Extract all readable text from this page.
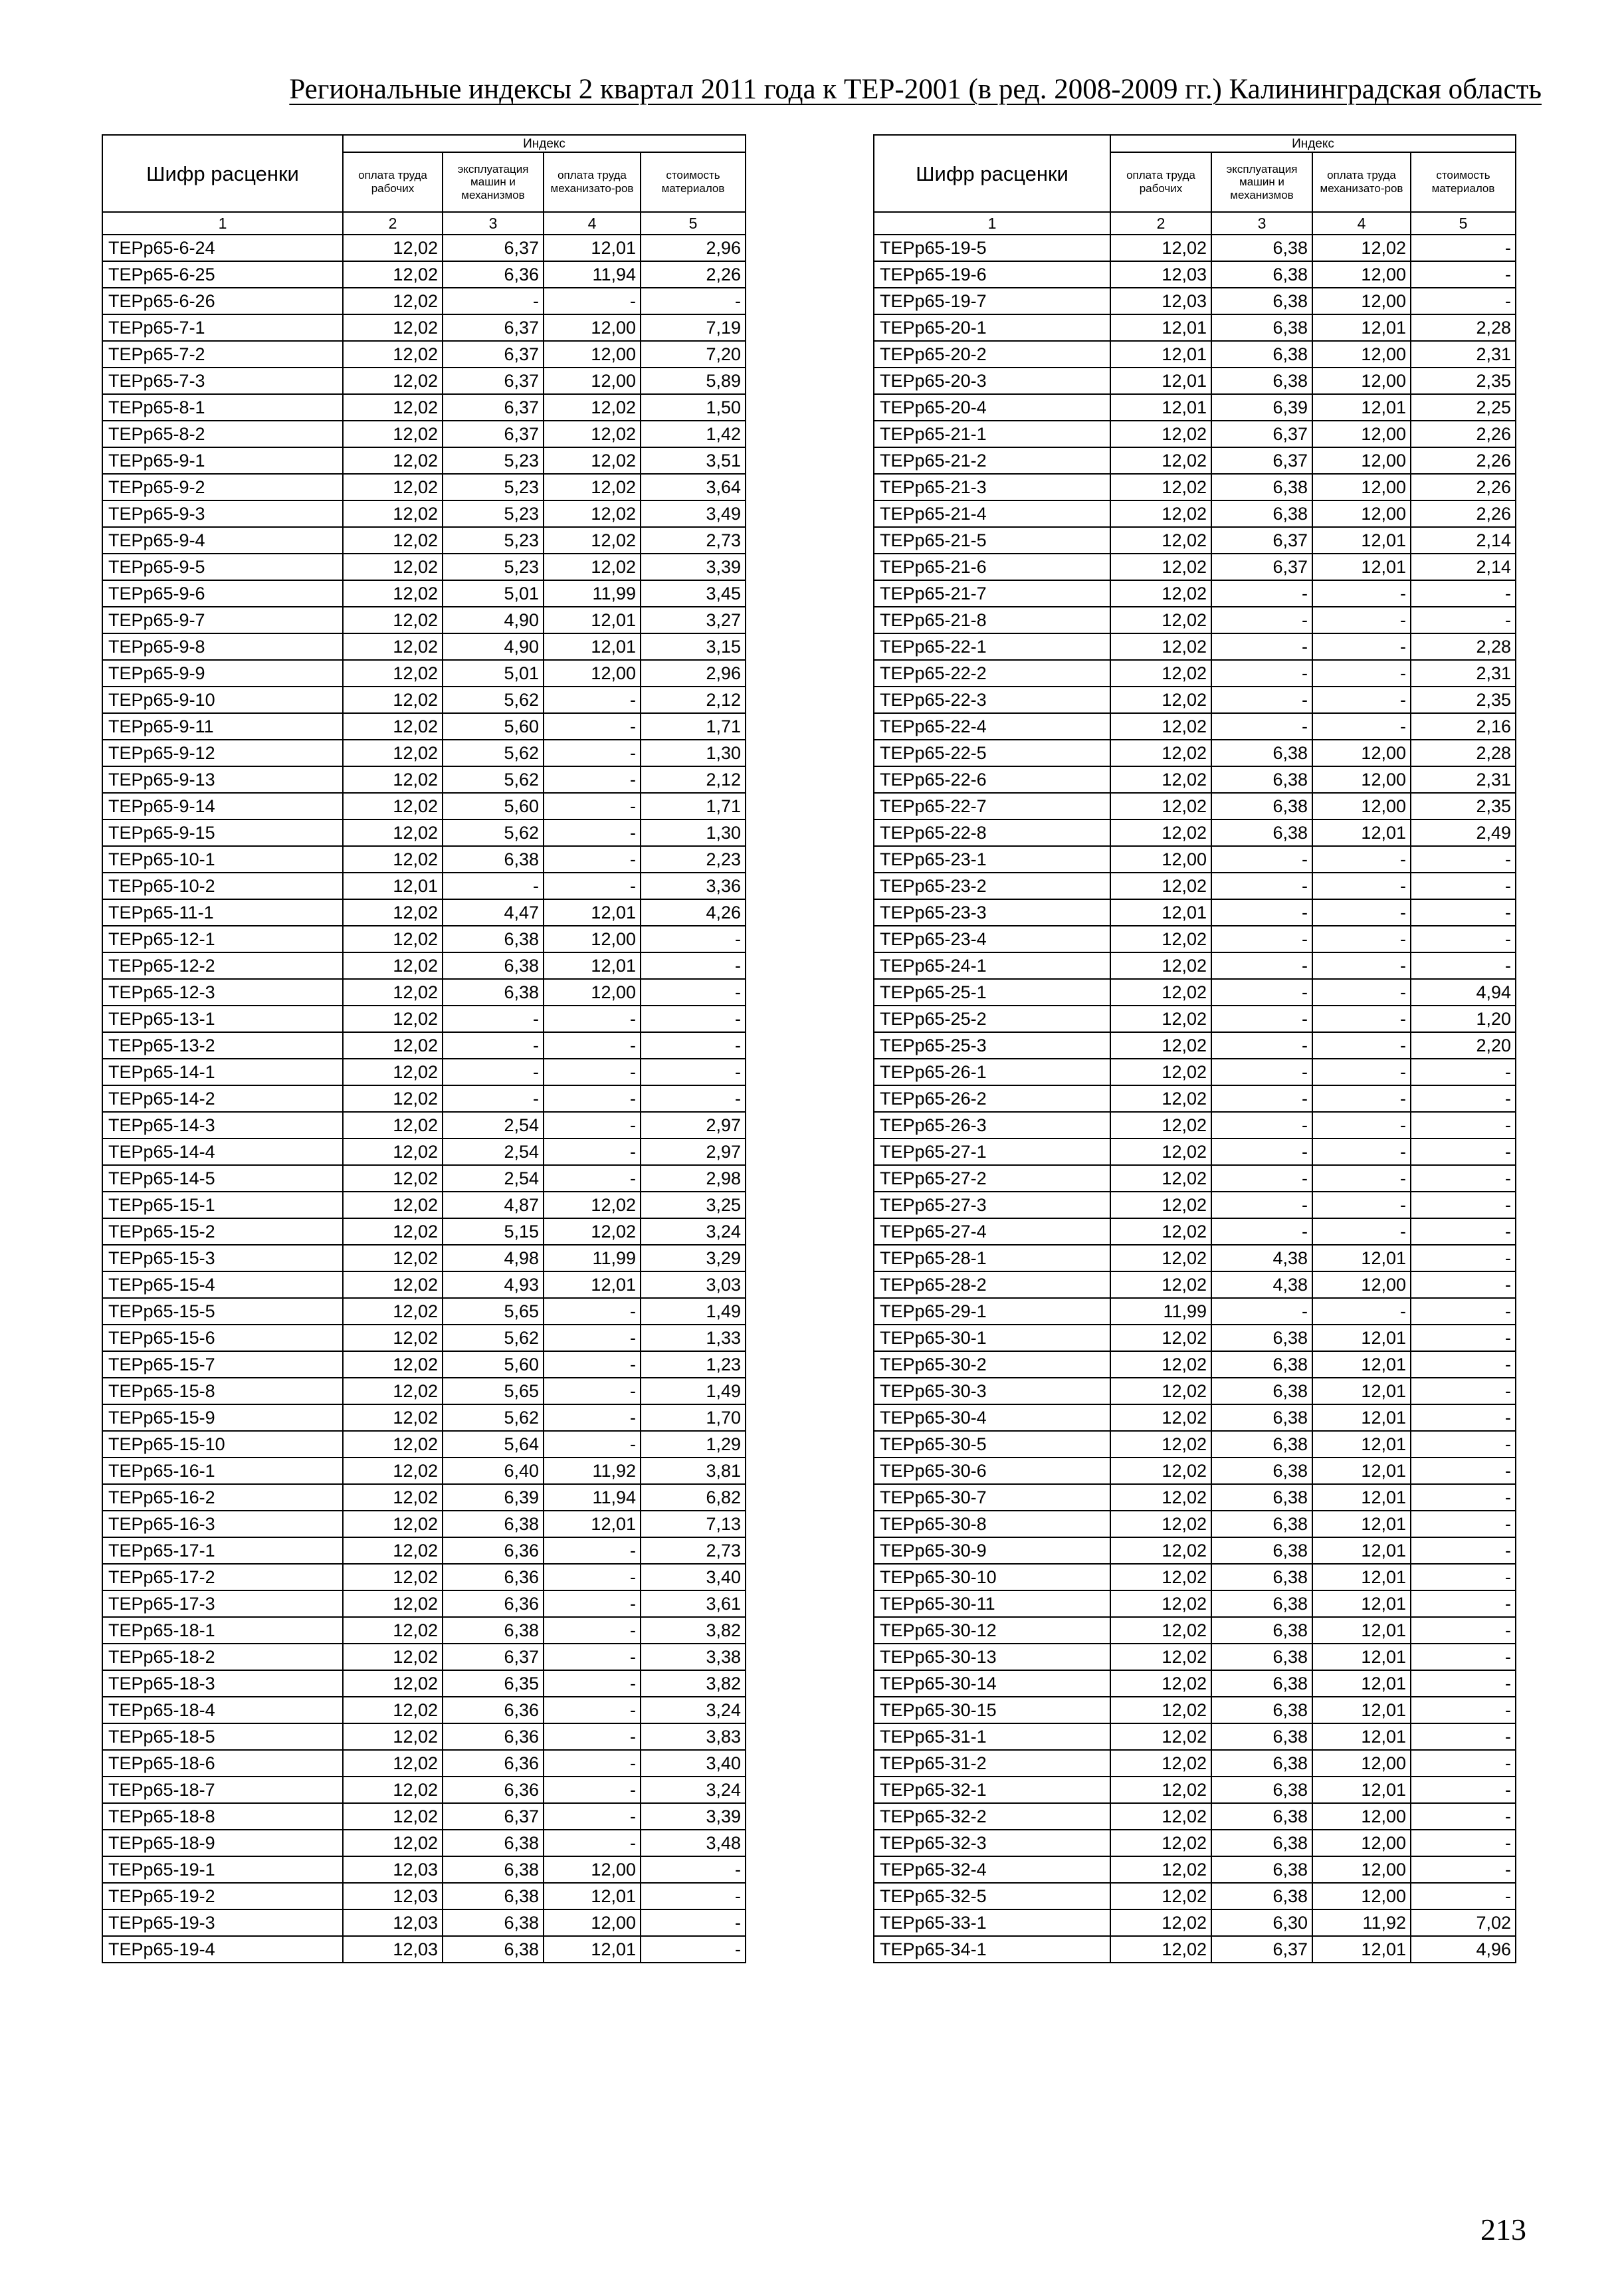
Региональные индексы 2 квартал 2011 года к ТЕР-2001 (в ред. 2008-2009 гг.) Калининградская область
Шифр расценки	Индекс			
	оплата труда рабочих	эксплуатация машин и механизмов	оплата труда механизато-ров	стоимость материалов
1	2	3	4	5
ТЕРр65-6-24	12,02	6,37	12,01	2,96
ТЕРр65-6-25	12,02	6,36	11,94	2,26
ТЕРр65-6-26	12,02	-	-	-
ТЕРр65-7-1	12,02	6,37	12,00	7,19
ТЕРр65-7-2	12,02	6,37	12,00	7,20
ТЕРр65-7-3	12,02	6,37	12,00	5,89
ТЕРр65-8-1	12,02	6,37	12,02	1,50
ТЕРр65-8-2	12,02	6,37	12,02	1,42
ТЕРр65-9-1	12,02	5,23	12,02	3,51
ТЕРр65-9-2	12,02	5,23	12,02	3,64
ТЕРр65-9-3	12,02	5,23	12,02	3,49
ТЕРр65-9-4	12,02	5,23	12,02	2,73
ТЕРр65-9-5	12,02	5,23	12,02	3,39
ТЕРр65-9-6	12,02	5,01	11,99	3,45
ТЕРр65-9-7	12,02	4,90	12,01	3,27
ТЕРр65-9-8	12,02	4,90	12,01	3,15
ТЕРр65-9-9	12,02	5,01	12,00	2,96
ТЕРр65-9-10	12,02	5,62	-	2,12
ТЕРр65-9-11	12,02	5,60	-	1,71
ТЕРр65-9-12	12,02	5,62	-	1,30
ТЕРр65-9-13	12,02	5,62	-	2,12
ТЕРр65-9-14	12,02	5,60	-	1,71
ТЕРр65-9-15	12,02	5,62	-	1,30
ТЕРр65-10-1	12,02	6,38	-	2,23
ТЕРр65-10-2	12,01	-	-	3,36
ТЕРр65-11-1	12,02	4,47	12,01	4,26
ТЕРр65-12-1	12,02	6,38	12,00	-
ТЕРр65-12-2	12,02	6,38	12,01	-
ТЕРр65-12-3	12,02	6,38	12,00	-
ТЕРр65-13-1	12,02	-	-	-
ТЕРр65-13-2	12,02	-	-	-
ТЕРр65-14-1	12,02	-	-	-
ТЕРр65-14-2	12,02	-	-	-
ТЕРр65-14-3	12,02	2,54	-	2,97
ТЕРр65-14-4	12,02	2,54	-	2,97
ТЕРр65-14-5	12,02	2,54	-	2,98
ТЕРр65-15-1	12,02	4,87	12,02	3,25
ТЕРр65-15-2	12,02	5,15	12,02	3,24
ТЕРр65-15-3	12,02	4,98	11,99	3,29
ТЕРр65-15-4	12,02	4,93	12,01	3,03
ТЕРр65-15-5	12,02	5,65	-	1,49
ТЕРр65-15-6	12,02	5,62	-	1,33
ТЕРр65-15-7	12,02	5,60	-	1,23
ТЕРр65-15-8	12,02	5,65	-	1,49
ТЕРр65-15-9	12,02	5,62	-	1,70
ТЕРр65-15-10	12,02	5,64	-	1,29
ТЕРр65-16-1	12,02	6,40	11,92	3,81
ТЕРр65-16-2	12,02	6,39	11,94	6,82
ТЕРр65-16-3	12,02	6,38	12,01	7,13
ТЕРр65-17-1	12,02	6,36	-	2,73
ТЕРр65-17-2	12,02	6,36	-	3,40
ТЕРр65-17-3	12,02	6,36	-	3,61
ТЕРр65-18-1	12,02	6,38	-	3,82
ТЕРр65-18-2	12,02	6,37	-	3,38
ТЕРр65-18-3	12,02	6,35	-	3,82
ТЕРр65-18-4	12,02	6,36	-	3,24
ТЕРр65-18-5	12,02	6,36	-	3,83
ТЕРр65-18-6	12,02	6,36	-	3,40
ТЕРр65-18-7	12,02	6,36	-	3,24
ТЕРр65-18-8	12,02	6,37	-	3,39
ТЕРр65-18-9	12,02	6,38	-	3,48
ТЕРр65-19-1	12,03	6,38	12,00	-
ТЕРр65-19-2	12,03	6,38	12,01	-
ТЕРр65-19-3	12,03	6,38	12,00	-
ТЕРр65-19-4	12,03	6,38	12,01	-
Шифр расценки	Индекс			
	оплата труда рабочих	эксплуатация машин и механизмов	оплата труда механизато-ров	стоимость материалов
1	2	3	4	5
ТЕРр65-19-5	12,02	6,38	12,02	-
ТЕРр65-19-6	12,03	6,38	12,00	-
ТЕРр65-19-7	12,03	6,38	12,00	-
ТЕРр65-20-1	12,01	6,38	12,01	2,28
ТЕРр65-20-2	12,01	6,38	12,00	2,31
ТЕРр65-20-3	12,01	6,38	12,00	2,35
ТЕРр65-20-4	12,01	6,39	12,01	2,25
ТЕРр65-21-1	12,02	6,37	12,00	2,26
ТЕРр65-21-2	12,02	6,37	12,00	2,26
ТЕРр65-21-3	12,02	6,38	12,00	2,26
ТЕРр65-21-4	12,02	6,38	12,00	2,26
ТЕРр65-21-5	12,02	6,37	12,01	2,14
ТЕРр65-21-6	12,02	6,37	12,01	2,14
ТЕРр65-21-7	12,02	-	-	-
ТЕРр65-21-8	12,02	-	-	-
ТЕРр65-22-1	12,02	-	-	2,28
ТЕРр65-22-2	12,02	-	-	2,31
ТЕРр65-22-3	12,02	-	-	2,35
ТЕРр65-22-4	12,02	-	-	2,16
ТЕРр65-22-5	12,02	6,38	12,00	2,28
ТЕРр65-22-6	12,02	6,38	12,00	2,31
ТЕРр65-22-7	12,02	6,38	12,00	2,35
ТЕРр65-22-8	12,02	6,38	12,01	2,49
ТЕРр65-23-1	12,00	-	-	-
ТЕРр65-23-2	12,02	-	-	-
ТЕРр65-23-3	12,01	-	-	-
ТЕРр65-23-4	12,02	-	-	-
ТЕРр65-24-1	12,02	-	-	-
ТЕРр65-25-1	12,02	-	-	4,94
ТЕРр65-25-2	12,02	-	-	1,20
ТЕРр65-25-3	12,02	-	-	2,20
ТЕРр65-26-1	12,02	-	-	-
ТЕРр65-26-2	12,02	-	-	-
ТЕРр65-26-3	12,02	-	-	-
ТЕРр65-27-1	12,02	-	-	-
ТЕРр65-27-2	12,02	-	-	-
ТЕРр65-27-3	12,02	-	-	-
ТЕРр65-27-4	12,02	-	-	-
ТЕРр65-28-1	12,02	4,38	12,01	-
ТЕРр65-28-2	12,02	4,38	12,00	-
ТЕРр65-29-1	11,99	-	-	-
ТЕРр65-30-1	12,02	6,38	12,01	-
ТЕРр65-30-2	12,02	6,38	12,01	-
ТЕРр65-30-3	12,02	6,38	12,01	-
ТЕРр65-30-4	12,02	6,38	12,01	-
ТЕРр65-30-5	12,02	6,38	12,01	-
ТЕРр65-30-6	12,02	6,38	12,01	-
ТЕРр65-30-7	12,02	6,38	12,01	-
ТЕРр65-30-8	12,02	6,38	12,01	-
ТЕРр65-30-9	12,02	6,38	12,01	-
ТЕРр65-30-10	12,02	6,38	12,01	-
ТЕРр65-30-11	12,02	6,38	12,01	-
ТЕРр65-30-12	12,02	6,38	12,01	-
ТЕРр65-30-13	12,02	6,38	12,01	-
ТЕРр65-30-14	12,02	6,38	12,01	-
ТЕРр65-30-15	12,02	6,38	12,01	-
ТЕРр65-31-1	12,02	6,38	12,01	-
ТЕРр65-31-2	12,02	6,38	12,00	-
ТЕРр65-32-1	12,02	6,38	12,01	-
ТЕРр65-32-2	12,02	6,38	12,00	-
ТЕРр65-32-3	12,02	6,38	12,00	-
ТЕРр65-32-4	12,02	6,38	12,00	-
ТЕРр65-32-5	12,02	6,38	12,00	-
ТЕРр65-33-1	12,02	6,30	11,92	7,02
ТЕРр65-34-1	12,02	6,37	12,01	4,96
213
